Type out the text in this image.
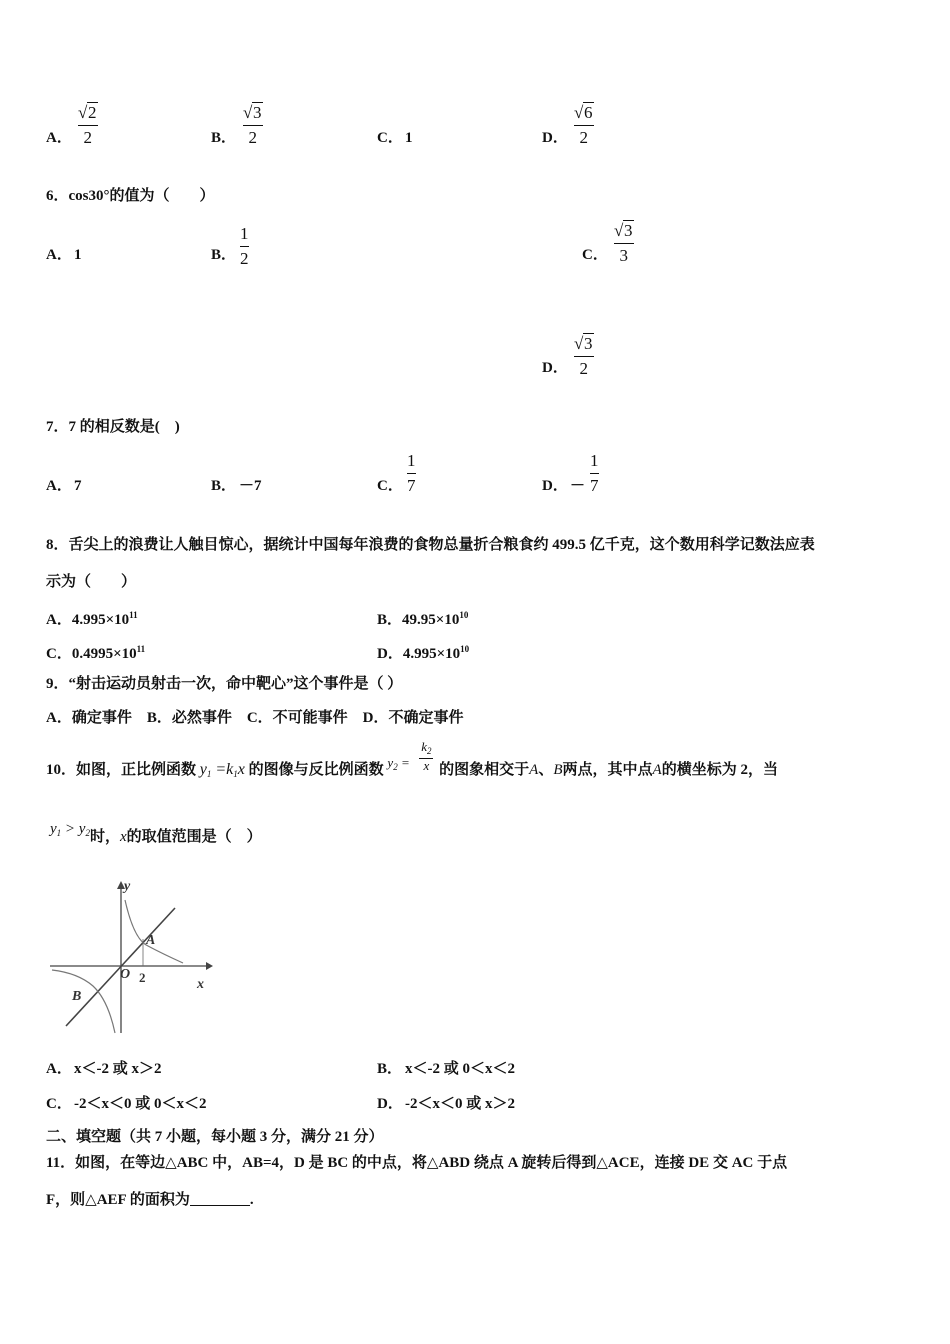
A．
√ 2
2	B．
√ 3
2	C． 1	D．
√ 6
2
6．cos30°的值为（　　）
A． 1	B．
1
2	C．
√ 3
3
D．
√ 3
2
7．7 的相反数是(　)
A． 7	B． －7	C．
1
7	D． －
1
7
8．舌尖上的浪费让人触目惊心，据统计中国每年浪费的食物总量折合粮食约 499.5 亿千克，这个数用科学记数法应表
示为（　　）
A．$4.995\times 10^{11}$	B．$49.95\times 10^{10}$
C．$0.4995\times 10^{11}$	D．$4.995\times 10^{10}$
9．“射击运动员射击一次，命中靶心”这个事件是（ ）
A．确定事件　B．必然事件　C．不可能事件　D．不确定事件
10．如图，正比例函数 $y_1 =k_1x$ 的图像与反比例函数 $y_2$ =
$k_2$
x 的图象相交于A、B两点，其中点A的横坐标为 2，当
$y_1 > y_2$时，x的取值范围是（　）
y
x
O
A
B
2
A． x＜-2 或 x＞2	B． x＜-2 或 0＜x＜2
C． -2＜x＜0 或 0＜x＜2	D． -2＜x＜0 或 x＞2
二、填空题（共 7 小题，每小题 3 分，满分 21 分）
11．如图，在等边△ABC 中，AB=4，D 是 BC 的中点，将△ABD 绕点 A 旋转后得到△ACE，连接 DE 交 AC 于点
F，则△AEF 的面积为	.
